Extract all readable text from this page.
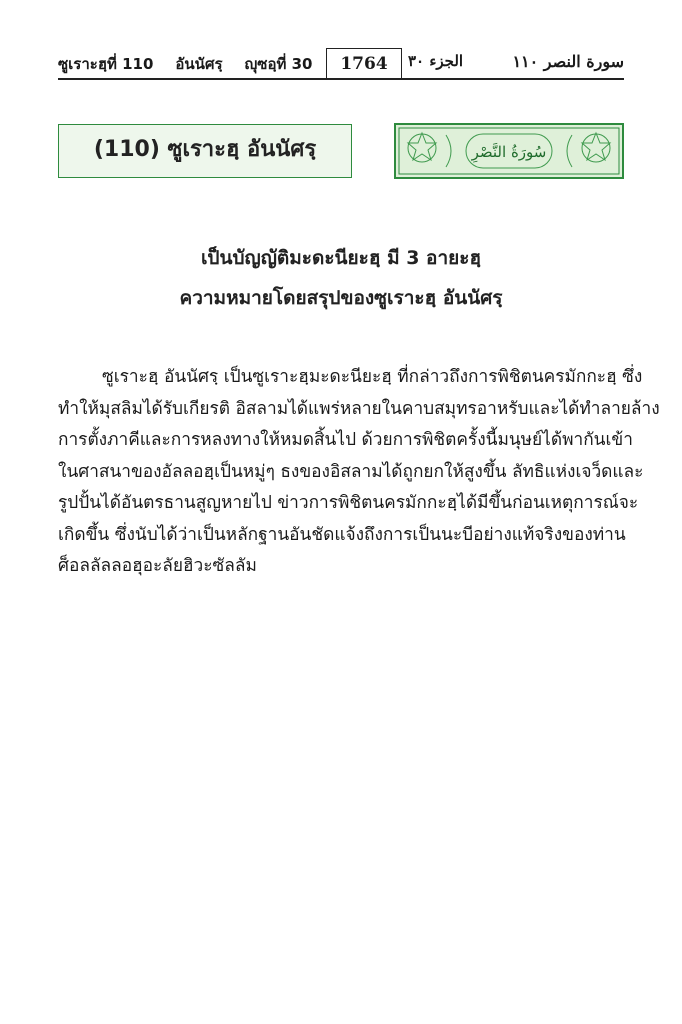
ซูเราะฮฺที่ 110 อันนัศรฺ ญุซอฺที่ 30	1764	الجزء ٣٠	سورة النصر ١١٠
(110) ซูเราะฮฺ อันนัศรฺ	سُورَةُ النَّصْرِ
เป็นบัญญัติมะดะนียะฮฺ มี 3 อายะฮฺ
ความหมายโดยสรุปของซูเราะฮฺ อันนัศรฺ
ซูเราะฮฺ อันนัศรฺ เป็นซูเราะฮฺมะดะนียะฮฺ ที่กล่าวถึงการพิชิตนครมักกะฮฺ ซึ่ง
ทำให้มุสลิมได้รับเกียรติ อิสลามได้แพร่หลายในคาบสมุทรอาหรับและได้ทำลายล้าง
การตั้งภาคีและการหลงทางให้หมดสิ้นไป ด้วยการพิชิตครั้งนี้มนุษย์ได้พากันเข้า
ในศาสนาของอัลลอฮฺเป็นหมู่ๆ ธงของอิสลามได้ถูกยกให้สูงขึ้น ลัทธิแห่งเจว็ดและ
รูปปั้นได้อันตรธานสูญหายไป ข่าวการพิชิตนครมักกะฮฺได้มีขึ้นก่อนเหตุการณ์จะ
เกิดขึ้น ซึ่งนับได้ว่าเป็นหลักฐานอันชัดแจ้งถึงการเป็นนะบีอย่างแท้จริงของท่าน
ศ็อลลัลลอฮุอะลัยฮิวะซัลลัม
